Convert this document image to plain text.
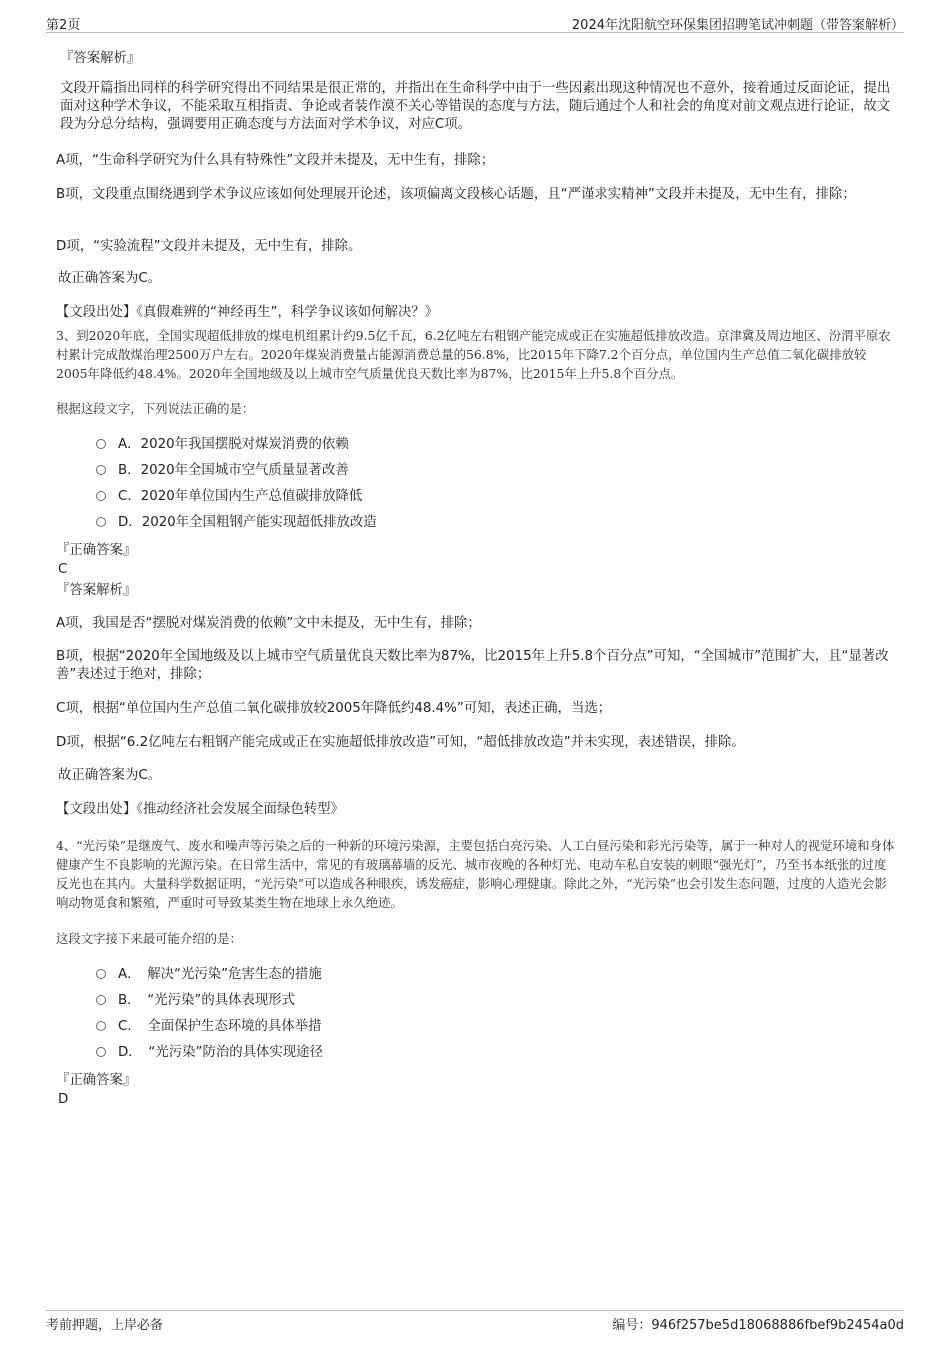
第2页	2024年沈阳航空环保集团招聘笔试冲刺题（带答案解析）
『答案解析』
文段开篇指出同样的科学研究得出不同结果是很正常的，并指出在生命科学中由于一些因素出现这种情况也不意外，接着通过反面论证，提出面对这种学术争议，不能采取互相指责、争论或者装作漠不关心等错误的态度与方法，随后通过个人和社会的角度对前文观点进行论证，故文段为分总分结构，强调要用正确态度与方法面对学术争议，对应C项。
A项，“生命科学研究为什么具有特殊性”文段并未提及，无中生有，排除；
B项，文段重点围绕遇到学术争议应该如何处理展开论述，该项偏离文段核心话题，且“严谨求实精神”文段并未提及，无中生有，排除；
D项，“实验流程”文段并未提及，无中生有，排除。
故正确答案为C。
【文段出处】《真假难辨的“神经再生”，科学争议该如何解决？》
3、到2020年底，全国实现超低排放的煤电机组累计约9.5亿千瓦，6.2亿吨左右粗钢产能完成或正在实施超低排放改造。京津冀及周边地区、汾渭平原农村累计完成散煤治理2500万户左右。2020年煤炭消费量占能源消费总量的56.8%，比2015年下降7.2个百分点，单位国内生产总值二氧化碳排放较2005年降低约48.4%。2020年全国地级及以上城市空气质量优良天数比率为87%，比2015年上升5.8个百分点。
根据这段文字，下列说法正确的是：
A．2020年我国摆脱对煤炭消费的依赖
B．2020年全国城市空气质量显著改善
C．2020年单位国内生产总值碳排放降低
D．2020年全国粗钢产能实现超低排放改造
『正确答案』
C
『答案解析』
A项，我国是否“摆脱对煤炭消费的依赖”文中未提及，无中生有，排除；
B项，根据“2020年全国地级及以上城市空气质量优良天数比率为87%，比2015年上升5.8个百分点”可知，“全国城市”范围扩大，且“显著改善”表述过于绝对，排除；
C项，根据“单位国内生产总值二氧化碳排放较2005年降低约48.4%”可知，表述正确，当选；
D项，根据“6.2亿吨左右粗钢产能完成或正在实施超低排放改造”可知，“超低排放改造”并未实现，表述错误，排除。
故正确答案为C。
【文段出处】《推动经济社会发展全面绿色转型》
4、“光污染”是继废气、废水和噪声等污染之后的一种新的环境污染源，主要包括白亮污染、人工白昼污染和彩光污染等，属于一种对人的视觉环境和身体健康产生不良影响的光源污染。在日常生活中，常见的有玻璃幕墙的反光、城市夜晚的各种灯光、电动车私自安装的刺眼“强光灯”，乃至书本纸张的过度反光也在其内。大量科学数据证明，“光污染”可以造成各种眼疾，诱发癌症，影响心理健康。除此之外，“光污染”也会引发生态问题，过度的人造光会影响动物觅食和繁殖，严重时可导致某类生物在地球上永久绝迹。
这段文字接下来最可能介绍的是：
A．　解决“光污染”危害生态的措施
B．　“光污染”的具体表现形式
C．　全面保护生态环境的具体举措
D．　“光污染”防治的具体实现途径
『正确答案』
D
考前押题，上岸必备	编号：946f257be5d18068886fbef9b2454a0d
